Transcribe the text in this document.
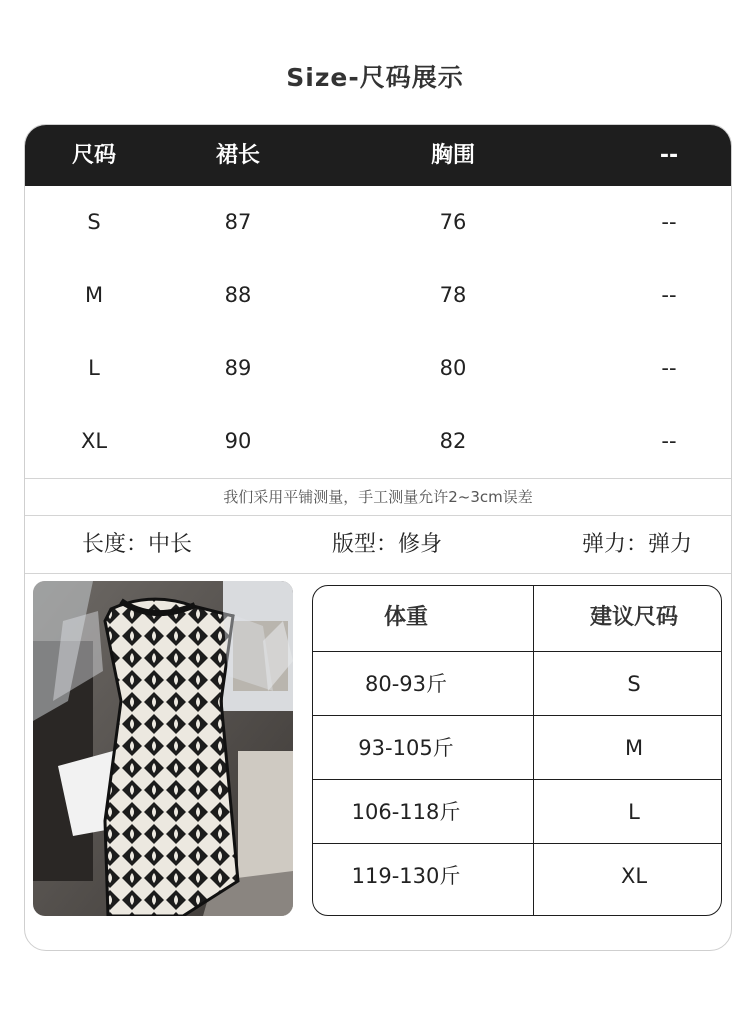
Size-尺码展示
尺码	裙长	胸围	--
S	87	76	--
M	88	78	--
L	89	80	--
XL	90	82	--
我们采用平铺测量，手工测量允许2~3cm误差
长度：中长	版型：修身	弹力：弹力
体重	建议尺码
80-93斤	S
93-105斤	M
106-118斤	L
119-130斤	XL
